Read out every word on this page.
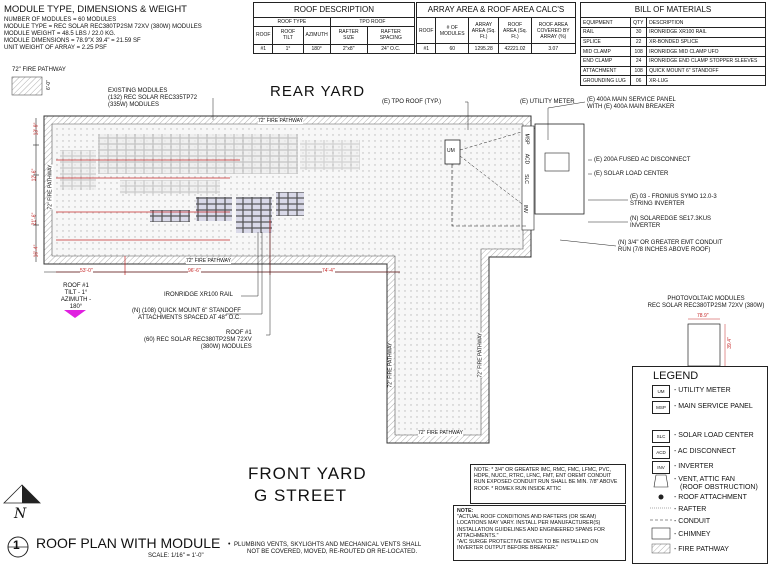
MODULE TYPE, DIMENSIONS & WEIGHT
NUMBER OF MODULES = 60 MODULES
MODULE TYPE = REC SOLAR REC380TP2SM 72XV (380W) MODULES
MODULE WEIGHT = 48.5 LBS / 22.0 KG.
MODULE DIMENSIONS = 78.9"X 39.4" = 21.59 SF
UNIT WEIGHT OF ARRAY = 2.25 PSF
ROOF DESCRIPTION				
ROOF TYPE			TPO ROOF	
ROOF	ROOF TILT	AZIMUTH	RAFTER SIZE	RAFTER SPACING
#1	1°	180°	2"x8"	24" O.C.
ARRAY AREA & ROOF AREA CALC'S				
ROOF	# OF MODULES	ARRAY AREA (Sq. Ft.)	ROOF AREA (Sq. Ft.)	ROOF AREA COVERED BY ARRAY (%)
#1	60	1295.28	42221.02	3.07
BILL OF MATERIALS		
EQUIPMENT	QTY	DESCRIPTION
RAIL	30	IRONRIDGE XR100 RAIL
SPLICE	22	XR-BONDED SPLICE
MID CLAMP	108	IRONRIDGE MID CLAMP UFO
END CLAMP	24	IRONRIDGE END CLAMP STOPPER SLEEVES
ATTACHMENT	108	QUICK MOUNT 6" STANDOFF
GROUNDING LUG	06	XR-LUG
72" FIRE PATHWAY
6'-0"	REAR YARD
FRONT YARD
G STREET
72" FIRE PATHWAY
72" FIRE PATHWAY
72" FIRE PATHWAY
72" FIRE PATHWAY
72" FIRE PATHWAY	72" FIRE PATHWAY
13'-9"
12'-6"
21'-6"
16'-4"
53'-0"	96'-6"	74'-4"
ROOF #1
TILT - 1°
AZIMUTH - 180°
EXISTING MODULES
(132) REC SOLAR REC335TP72
(335W) MODULES	(E) TPO ROOF (TYP.)	(E) UTILITY METER (E) 400A MAIN SERVICE PANEL
WITH (E) 400A MAIN BREAKER
(E) 200A FUSED AC DISCONNECT
(E) SOLAR LOAD CENTER
(E) 03 - FRONIUS SYMO 12.0-3
STRING INVERTER
(N) SOLAREDGE SE17.3KUS
INVERTER
(N) 3/4" OR GREATER EMT CONDUIT
RUN (7/8 INCHES ABOVE ROOF)
IRONRIDGE XR100 RAIL
(N) (108) QUICK MOUNT 6" STANDOFF
ATTACHMENTS SPACED AT 48" O.C.
ROOF #1
(60) REC SOLAR REC380TP2SM 72XV
(380W) MODULES
MSP
ACD
SLC
INV
UM
PHOTOVOLTAIC MODULES
REC SOLAR REC380TP2SM 72XV (380W)
78.9"
39.4"
LEGEND
UM	- UTILITY METER
MSP	- MAIN SERVICE PANEL
SLC	- SOLAR LOAD CENTER
ACD	- AC DISCONNECT
INV	- INVERTER
- VENT, ATTIC FAN
(ROOF OBSTRUCTION)
- ROOF ATTACHMENT
- RAFTER
- CONDUIT
- CHIMNEY
- FIRE PATHWAY
NOTE: * 3/4" OR GREATER IMC, RMC, FMC, LFMC, PVC, HDPE, NUCC, RTRC, LFNC, FMT, ENT OREMT CONDUIT RUN EXPOSED CONDUIT RUN SHALL BE MIN. 7/8" ABOVE ROOF. * ROMEX RUN INSIDE ATTIC
NOTE:
"ACTUAL ROOF CONDITIONS AND RAFTERS (OR SEAM) LOCATIONS MAY VARY. INSTALL PER MANUFACTURER(S) INSTALLATION GUIDELINES AND ENGINEERED SPANS FOR ATTACHMENTS."
"A/C SURGE PROTECTIVE DEVICE TO BE INSTALLED ON INVERTER OUTPUT BEFORE BREAKER."
PLUMBING VENTS, SKYLIGHTS AND MECHANICAL VENTS SHALL
NOT BE COVERED, MOVED, RE-ROUTED OR RE-LOCATED.
•
N
1 ROOF PLAN WITH MODULE
SCALE: 1/16" = 1'-0"
